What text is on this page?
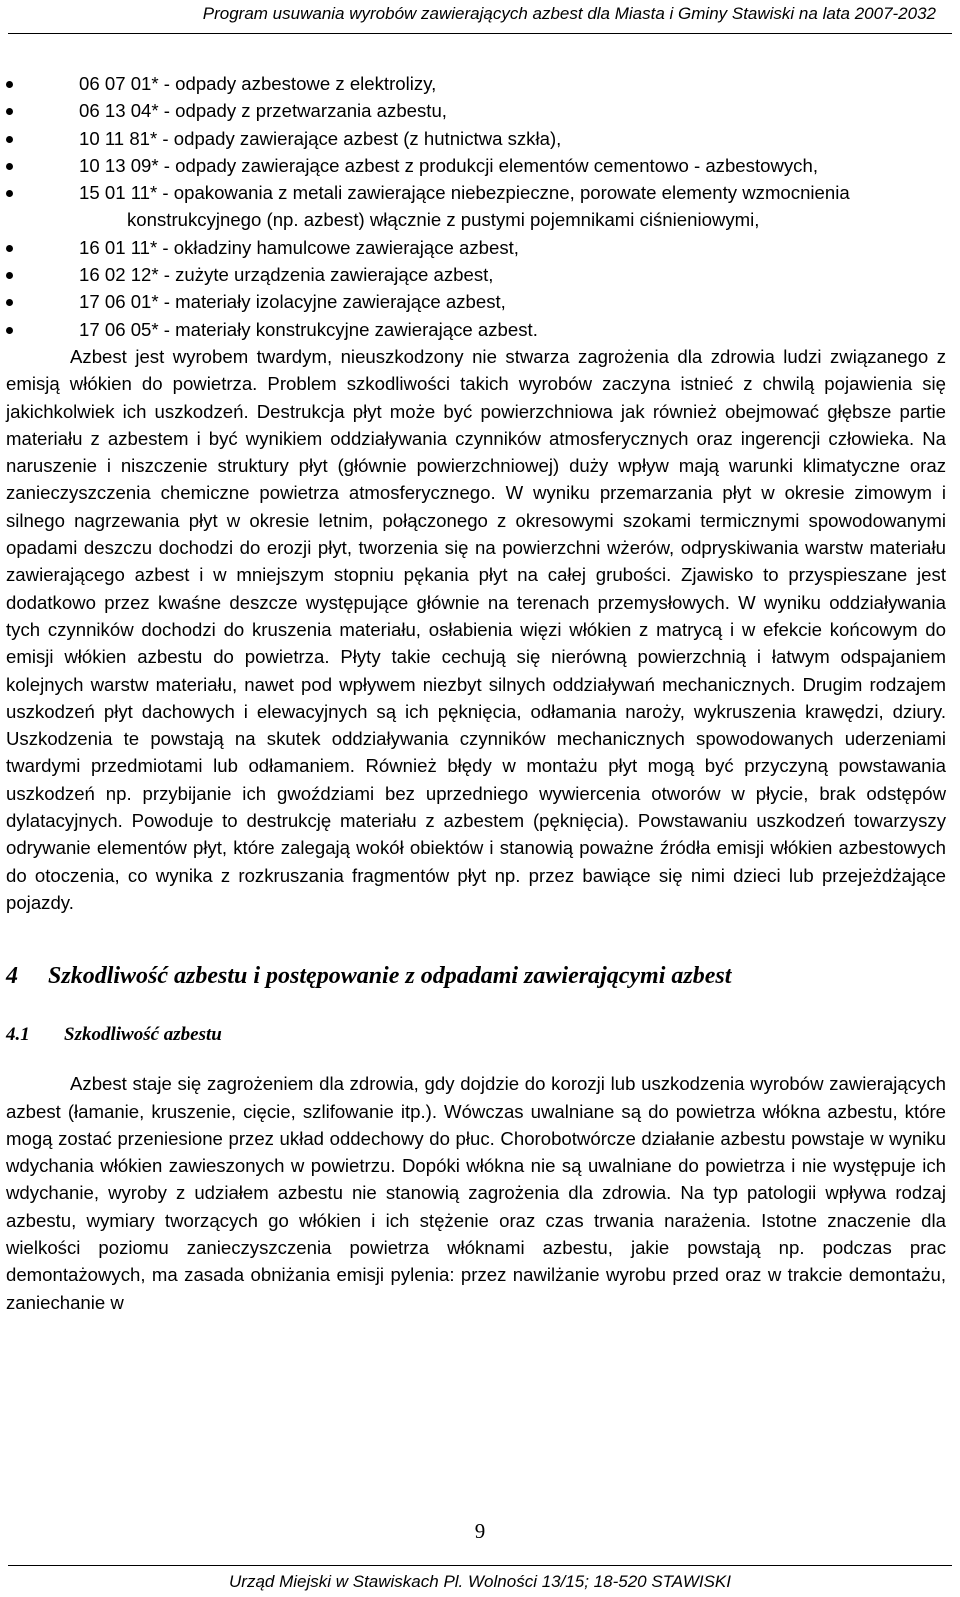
Program usuwania wyrobów zawierających azbest dla Miasta i Gminy Stawiski na lata 2007-2032
06 07 01* - odpady azbestowe z elektrolizy,
06 13 04* - odpady z przetwarzania azbestu,
10 11 81* - odpady zawierające azbest (z hutnictwa szkła),
10 13 09* - odpady zawierające azbest z produkcji elementów cementowo - azbestowych,
15 01 11* - opakowania z metali zawierające niebezpieczne, porowate elementy wzmocnienia konstrukcyjnego (np. azbest) włącznie z pustymi pojemnikami ciśnieniowymi,
16 01 11* - okładziny hamulcowe zawierające azbest,
16 02 12* - zużyte urządzenia zawierające azbest,
17 06 01* - materiały izolacyjne zawierające azbest,
17 06 05* - materiały konstrukcyjne zawierające azbest.

Azbest jest wyrobem twardym, nieuszkodzony nie stwarza zagrożenia dla zdrowia ludzi związanego z emisją włókien do powietrza. Problem szkodliwości takich wyrobów zaczyna istnieć z chwilą pojawienia się jakichkolwiek ich uszkodzeń. Destrukcja płyt może być powierzchniowa jak również obejmować głębsze partie materiału z azbestem i być wynikiem oddziaływania czynników atmosferycznych oraz ingerencji człowieka. Na naruszenie i niszczenie struktury płyt (głównie powierzchniowej) duży wpływ mają warunki klimatyczne oraz zanieczyszczenia chemiczne powietrza atmosferycznego. W wyniku przemarzania płyt w okresie zimowym i silnego nagrzewania płyt w okresie letnim, połączonego z okresowymi szokami termicznymi spowodowanymi opadami deszczu dochodzi do erozji płyt, tworzenia się na powierzchni wżerów, odpryskiwania warstw materiału zawierającego azbest i w mniejszym stopniu pękania płyt na całej grubości. Zjawisko to przyspieszane jest dodatkowo przez kwaśne deszcze występujące głównie na terenach przemysłowych. W wyniku oddziaływania tych czynników dochodzi do kruszenia materiału, osłabienia więzi włókien z matrycą i w efekcie końcowym do emisji włókien azbestu do powietrza. Płyty takie cechują się nierówną powierzchnią i łatwym odspajaniem kolejnych warstw materiału, nawet pod wpływem niezbyt silnych oddziaływań mechanicznych. Drugim rodzajem uszkodzeń płyt dachowych i elewacyjnych są ich pęknięcia, odłamania naroży, wykruszenia krawędzi, dziury. Uszkodzenia te powstają na skutek oddziaływania czynników mechanicznych spowodowanych uderzeniami twardymi przedmiotami lub odłamaniem. Również błędy w montażu płyt mogą być przyczyną powstawania uszkodzeń np. przybijanie ich gwoździami bez uprzedniego wywiercenia otworów w płycie, brak odstępów dylatacyjnych. Powoduje to destrukcję materiału z azbestem (pęknięcia). Powstawaniu uszkodzeń towarzyszy odrywanie elementów płyt, które zalegają wokół obiektów i stanowią poważne źródła emisji włókien azbestowych do otoczenia, co wynika z rozkruszania fragmentów płyt np. przez bawiące się nimi dzieci lub przejeżdżające pojazdy.

4 Szkodliwość azbestu i postępowanie z odpadami zawierającymi azbest
4.1 Szkodliwość azbestu

Azbest staje się zagrożeniem dla zdrowia, gdy dojdzie do korozji lub uszkodzenia wyrobów zawierających azbest (łamanie, kruszenie, cięcie, szlifowanie itp.). Wówczas uwalniane są do powietrza włókna azbestu, które mogą zostać przeniesione przez układ oddechowy do płuc. Chorobotwórcze działanie azbestu powstaje w wyniku wdychania włókien zawieszonych w powietrzu. Dopóki włókna nie są uwalniane do powietrza i nie występuje ich wdychanie, wyroby z udziałem azbestu nie stanowią zagrożenia dla zdrowia. Na typ patologii wpływa rodzaj azbestu, wymiary tworzących go włókien i ich stężenie oraz czas trwania narażenia. Istotne znaczenie dla wielkości poziomu zanieczyszczenia powietrza włóknami azbestu, jakie powstają np. podczas prac demontażowych, ma zasada obniżania emisji pylenia: przez nawilżanie wyrobu przed oraz w trakcie demontażu, zaniechanie w

9
Urząd Miejski w Stawiskach Pl. Wolności 13/15; 18-520 STAWISKI
